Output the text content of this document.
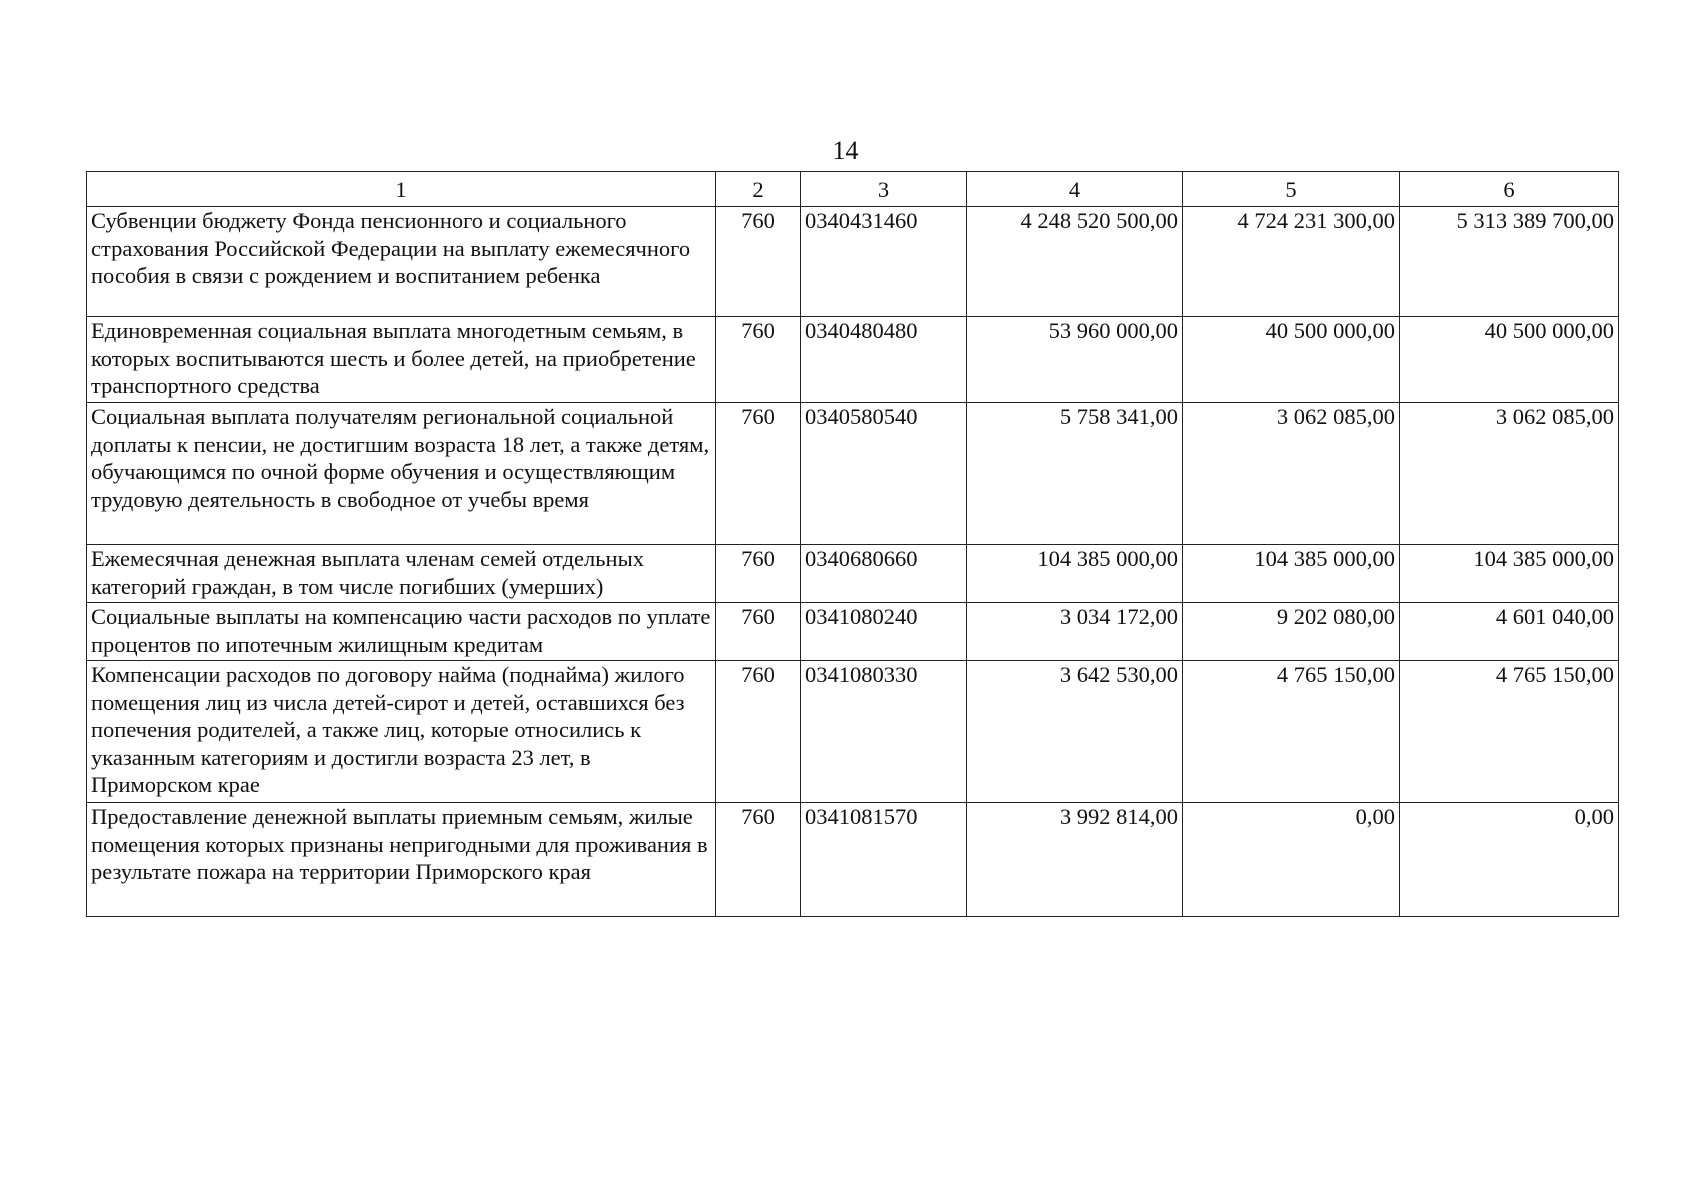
14
1	2	3	4	5	6
Субвенции бюджету Фонда пенсионного и социального страхования Российской Федерации на выплату ежемесячного пособия в связи с рождением и воспитанием ребенка	760	0340431460	4 248 520 500,00	4 724 231 300,00	5 313 389 700,00
Единовременная социальная выплата многодетным семьям, в которых воспитываются шесть и более детей, на приобретение транспортного средства	760	0340480480	53 960 000,00	40 500 000,00	40 500 000,00
Социальная выплата получателям региональной социальной доплаты к пенсии, не достигшим возраста 18 лет, а также детям, обучающимся по очной форме обучения и осуществляющим трудовую деятельность в свободное от учебы время	760	0340580540	5 758 341,00	3 062 085,00	3 062 085,00
Ежемесячная денежная выплата членам семей отдельных категорий граждан, в том числе погибших (умерших)	760	0340680660	104 385 000,00	104 385 000,00	104 385 000,00
Социальные выплаты на компенсацию части расходов по уплате процентов по ипотечным жилищным кредитам	760	0341080240	3 034 172,00	9 202 080,00	4 601 040,00
Компенсации расходов по договору найма (поднайма) жилого помещения лиц из числа детей-сирот и детей, оставшихся без попечения родителей, а также лиц, которые относились к указанным категориям и достигли возраста 23 лет, в Приморском крае	760	0341080330	3 642 530,00	4 765 150,00	4 765 150,00
Предоставление денежной выплаты приемным семьям, жилые помещения которых признаны непригодными для проживания в результате пожара на территории Приморского края	760	0341081570	3 992 814,00	0,00	0,00
